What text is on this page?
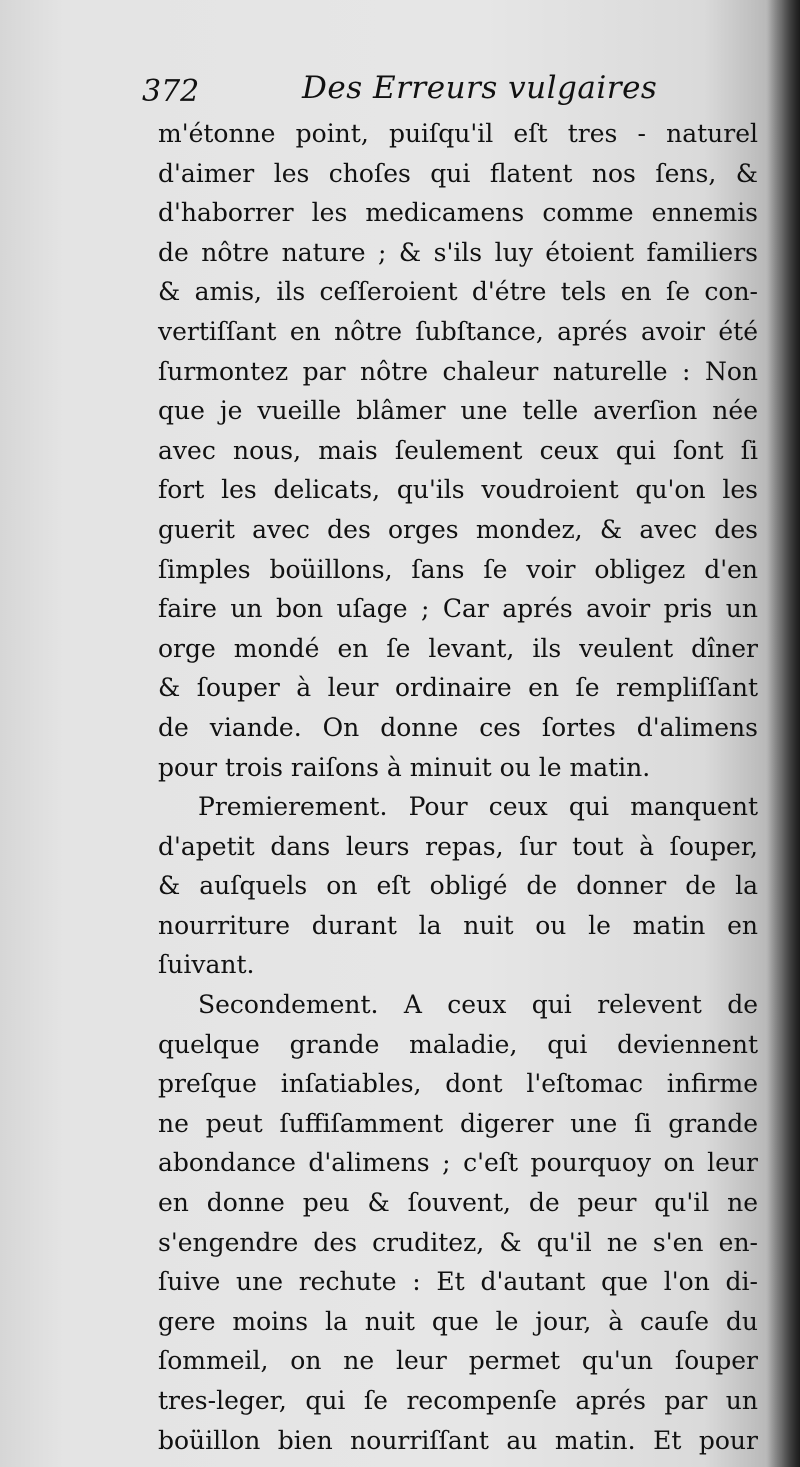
372	Des Erreurs vulgaires
m'étonne point, puiſqu'il eſt tres - naturel
d'aimer les choſes qui flatent nos ſens, &
d'haborrer les medicamens comme ennemis
de nôtre nature ; & s'ils luy étoient familiers
& amis, ils ceſſeroient d'étre tels en ſe con-
vertiſſant en nôtre ſubſtance, aprés avoir été
ſurmontez par nôtre chaleur naturelle : Non
que je vueille blâmer une telle averſion née
avec nous, mais ſeulement ceux qui ſont ſi
fort les delicats, qu'ils voudroient qu'on les
guerit avec des orges mondez, & avec des
ſimples boüillons, ſans ſe voir obligez d'en
faire un bon uſage ; Car aprés avoir pris un
orge mondé en ſe levant, ils veulent dîner
& ſouper à leur ordinaire en ſe rempliſſant
de viande. On donne ces ſortes d'alimens
pour trois raiſons à minuit ou le matin.
Premierement. Pour ceux qui manquent
d'apetit dans leurs repas, ſur tout à ſouper,
& auſquels on eſt obligé de donner de la
nourriture durant la nuit ou le matin en
ſuivant.
Secondement. A ceux qui relevent de
quelque grande maladie, qui deviennent
preſque inſatiables, dont l'eſtomac infirme
ne peut ſuffiſamment digerer une ſi grande
abondance d'alimens ; c'eſt pourquoy on leur
en donne peu & ſouvent, de peur qu'il ne
s'engendre des cruditez, & qu'il ne s'en en-
ſuive une rechute : Et d'autant que l'on di-
gere moins la nuit que le jour, à cauſe du
ſommeil, on ne leur permet qu'un ſouper
tres-leger, qui ſe recompenſe aprés par un
boüillon bien nourriſſant au matin. Et pour
